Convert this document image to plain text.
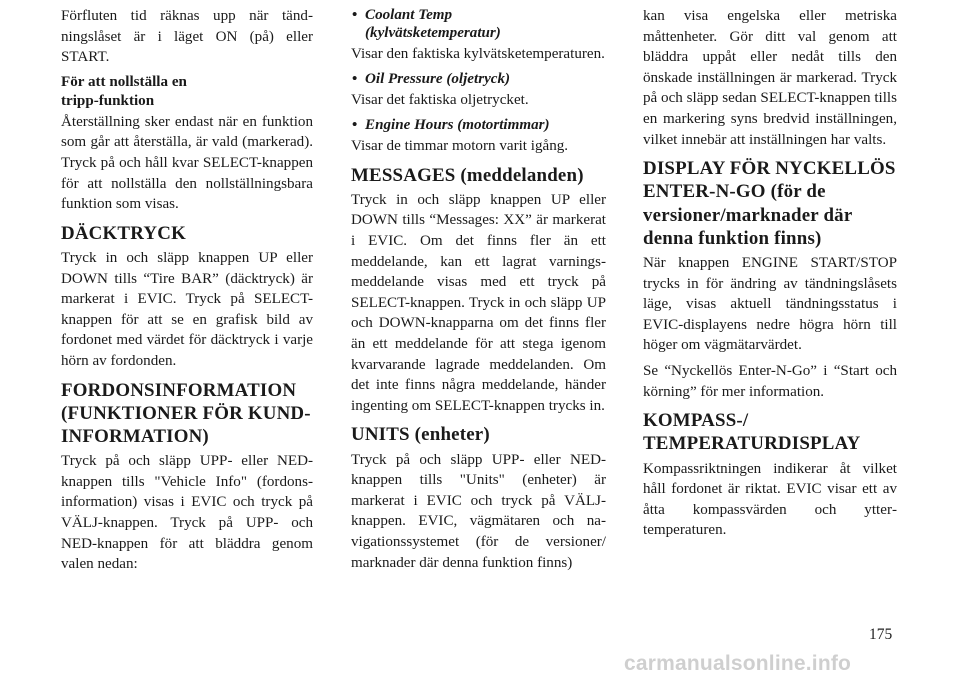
Förfluten tid räknas upp när tändningslåset är i läget ON (på) eller START.

För att nollställa en
tripp-funktion

Återställning sker endast när en funktion som går att återställa, är vald (markerad). Tryck på och håll kvar SELECT-knappen för att nollställa den nollställningsbara funktion som visas.

DÄCKTRYCK

Tryck in och släpp knappen UP eller DOWN tills “Tire BAR” (däcktryck) är markerat i EVIC. Tryck på SELECT-knappen för att se en grafisk bild av fordonet med värdet för däcktryck i varje hörn av fordonden.

FORDONSINFORMATION (FUNKTIONER FÖR KUNDINFORMATION)

Tryck på och släpp UPP- eller NED-knappen tills "Vehicle Info" (fordonsinformation) visas i EVIC och tryck på VÄLJ-knappen. Tryck på UPP- och NED-knappen för att bläddra genom valen nedan:

• Coolant Temp
(kylvätsketemperatur)

Visar den faktiska kylvätsketemperaturen.

• Oil Pressure (oljetryck)

Visar det faktiska oljetrycket.

• Engine Hours (motortimmar)

Visar de timmar motorn varit igång.

MESSAGES (meddelanden)

Tryck in och släpp knappen UP eller DOWN tills “Messages: XX” är markerat i EVIC. Om det finns fler än ett meddelande, kan ett lagrat varningsmeddelande visas med ett tryck på SELECT-knappen. Tryck in och släpp UP och DOWN-knapparna om det finns fler än ett meddelande för att stega igenom kvarvarande lagrade meddelanden. Om det inte finns några meddelande, händer ingenting om SELECT-knappen trycks in.

UNITS (enheter)

Tryck på och släpp UPP- eller NED-knappen tills "Units" (enheter) är markerat i EVIC och tryck på VÄLJ-knappen. EVIC, vägmätaren och navigationssystemet (för de versioner/ marknader där denna funktion finns)

kan visa engelska eller metriska måttenheter. Gör ditt val genom att bläddra uppåt eller nedåt tills den önskade inställningen är markerad. Tryck på och släpp sedan SELECT-knappen tills en markering syns bredvid inställningen, vilket innebär att inställningen har valts.

DISPLAY FÖR NYCKELLÖS ENTER-N-GO (för de versioner/marknader där denna funktion finns)

När knappen ENGINE START/STOP trycks in för ändring av tändningslåsets läge, visas aktuell tändningsstatus i EVIC-displayens nedre högra hörn till höger om vägmätarvärdet.

Se “Nyckellös Enter-N-Go” i “Start och körning” för mer information.

KOMPASS-/ TEMPERATURDISPLAY

Kompassriktningen indikerar åt vilket håll fordonet är riktat. EVIC visar ett av åtta kompassvärden och yttertemperaturen.

175
carmanualsonline.info
